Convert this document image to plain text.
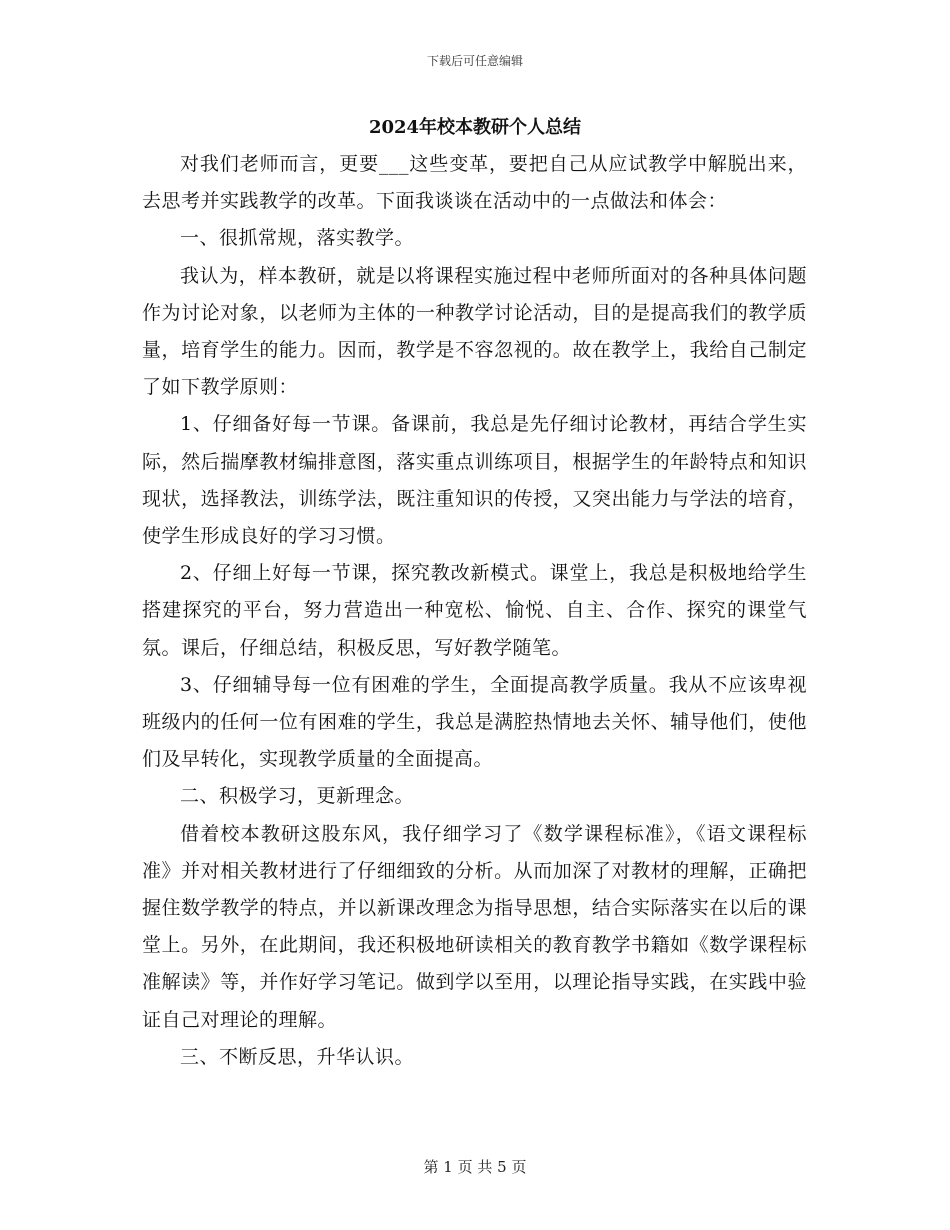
下载后可任意编辑
2024年校本教研个人总结

对我们老师而言，更要___这些变革，要把自己从应试教学中解脱出来，去思考并实践教学的改革。下面我谈谈在活动中的一点做法和体会：

一、很抓常规，落实教学。

我认为，样本教研，就是以将课程实施过程中老师所面对的各种具体问题作为讨论对象，以老师为主体的一种教学讨论活动，目的是提高我们的教学质量，培育学生的能力。因而，教学是不容忽视的。故在教学上，我给自己制定了如下教学原则：

1、仔细备好每一节课。备课前，我总是先仔细讨论教材，再结合学生实际，然后揣摩教材编排意图，落实重点训练项目，根据学生的年龄特点和知识现状，选择教法，训练学法，既注重知识的传授，又突出能力与学法的培育，使学生形成良好的学习习惯。

2、仔细上好每一节课，探究教改新模式。课堂上，我总是积极地给学生搭建探究的平台，努力营造出一种宽松、愉悦、自主、合作、探究的课堂气氛。课后，仔细总结，积极反思，写好教学随笔。

3、仔细辅导每一位有困难的学生，全面提高教学质量。我从不应该卑视班级内的任何一位有困难的学生，我总是满腔热情地去关怀、辅导他们，使他们及早转化，实现教学质量的全面提高。

二、积极学习，更新理念。

借着校本教研这股东风，我仔细学习了《数学课程标准》，《语文课程标准》并对相关教材进行了仔细细致的分析。从而加深了对教材的理解，正确把握住数学教学的特点，并以新课改理念为指导思想，结合实际落实在以后的课堂上。另外，在此期间，我还积极地研读相关的教育教学书籍如《数学课程标准解读》等，并作好学习笔记。做到学以至用，以理论指导实践，在实践中验证自己对理论的理解。

三、不断反思，升华认识。

第 1 页 共 5 页
